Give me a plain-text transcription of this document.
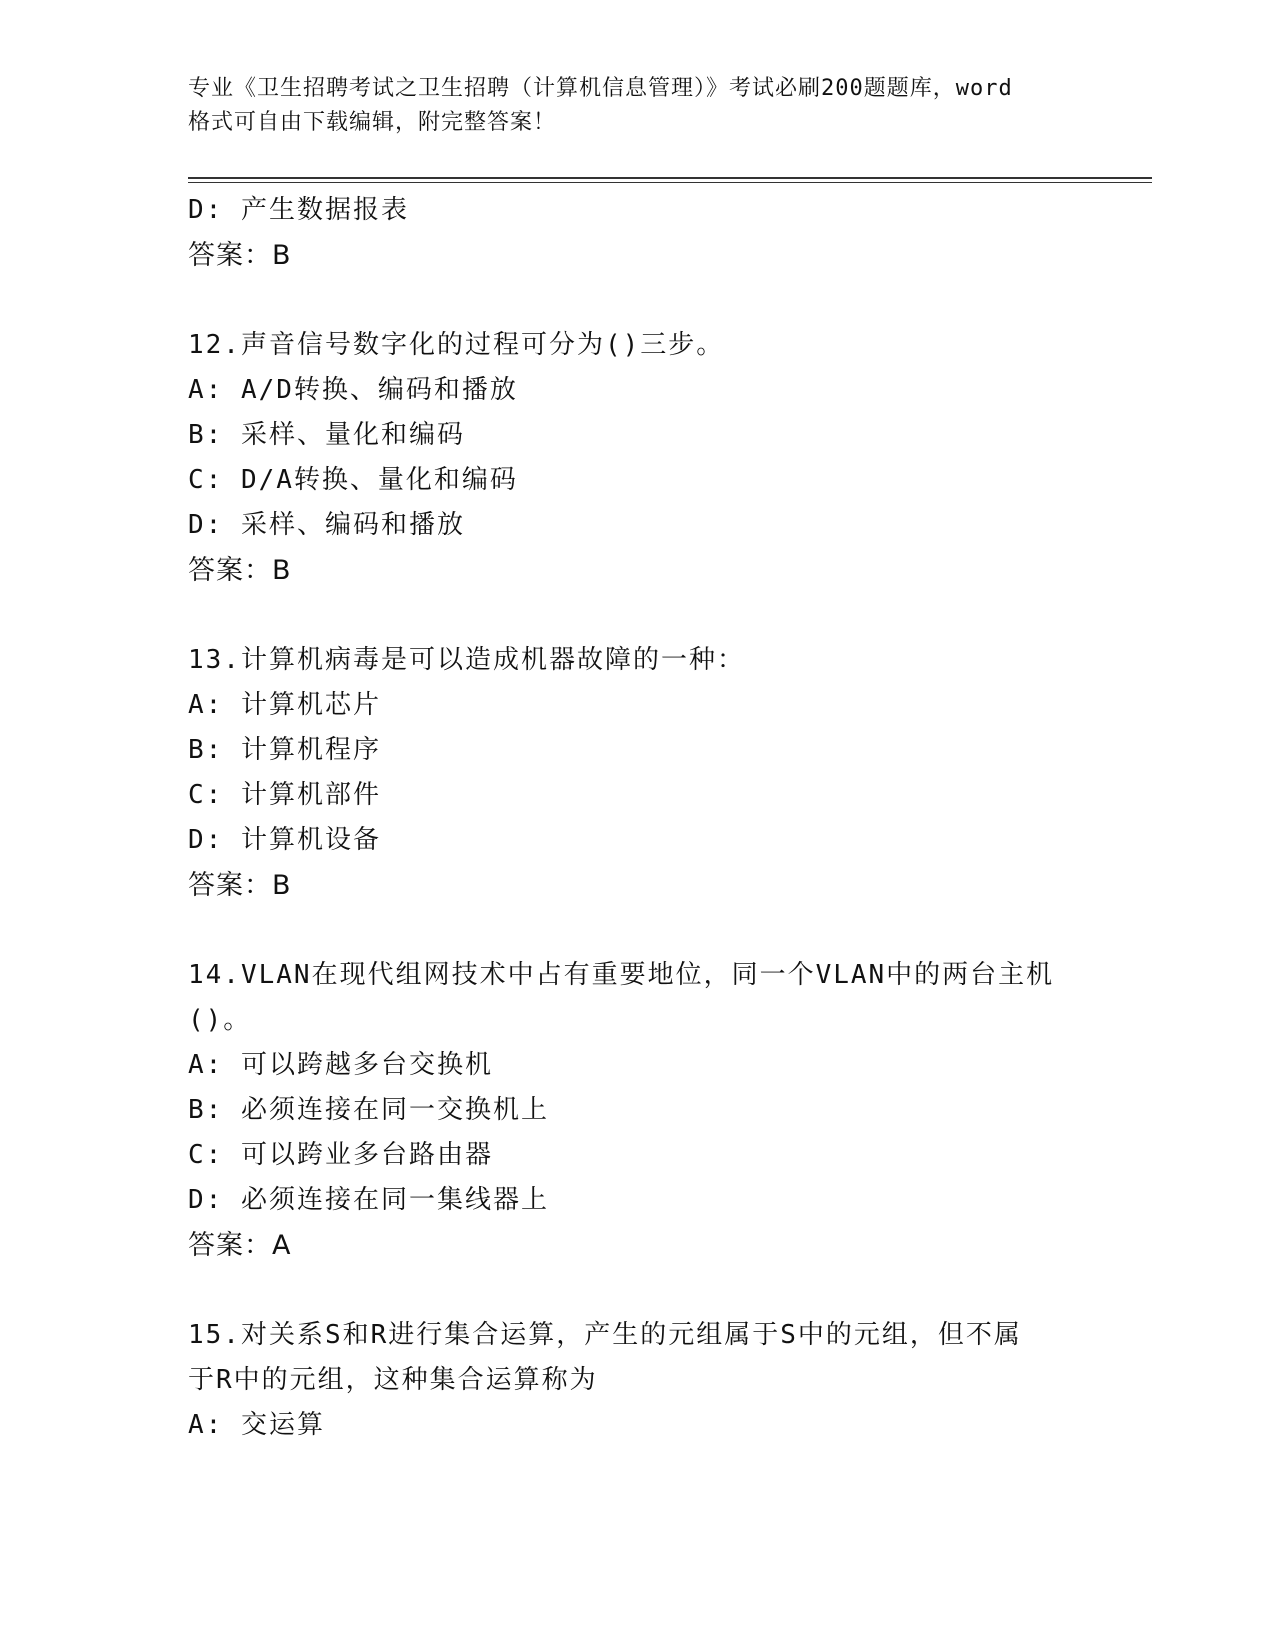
专业《卫生招聘考试之卫生招聘（计算机信息管理）》考试必刷200题题库，word
格式可自由下载编辑，附完整答案！
D: 产生数据报表
答案：B
12.声音信号数字化的过程可分为()三步。
A: A/D转换、编码和播放
B: 采样、量化和编码
C: D/A转换、量化和编码
D: 采样、编码和播放
答案：B
13.计算机病毒是可以造成机器故障的一种：
A: 计算机芯片
B: 计算机程序
C: 计算机部件
D: 计算机设备
答案：B
14.VLAN在现代组网技术中占有重要地位，同一个VLAN中的两台主机
()。
A: 可以跨越多台交换机
B: 必须连接在同一交换机上
C: 可以跨业多台路由器
D: 必须连接在同一集线器上
答案：A
15.对关系S和R进行集合运算，产生的元组属于S中的元组，但不属
于R中的元组，这种集合运算称为
A: 交运算
